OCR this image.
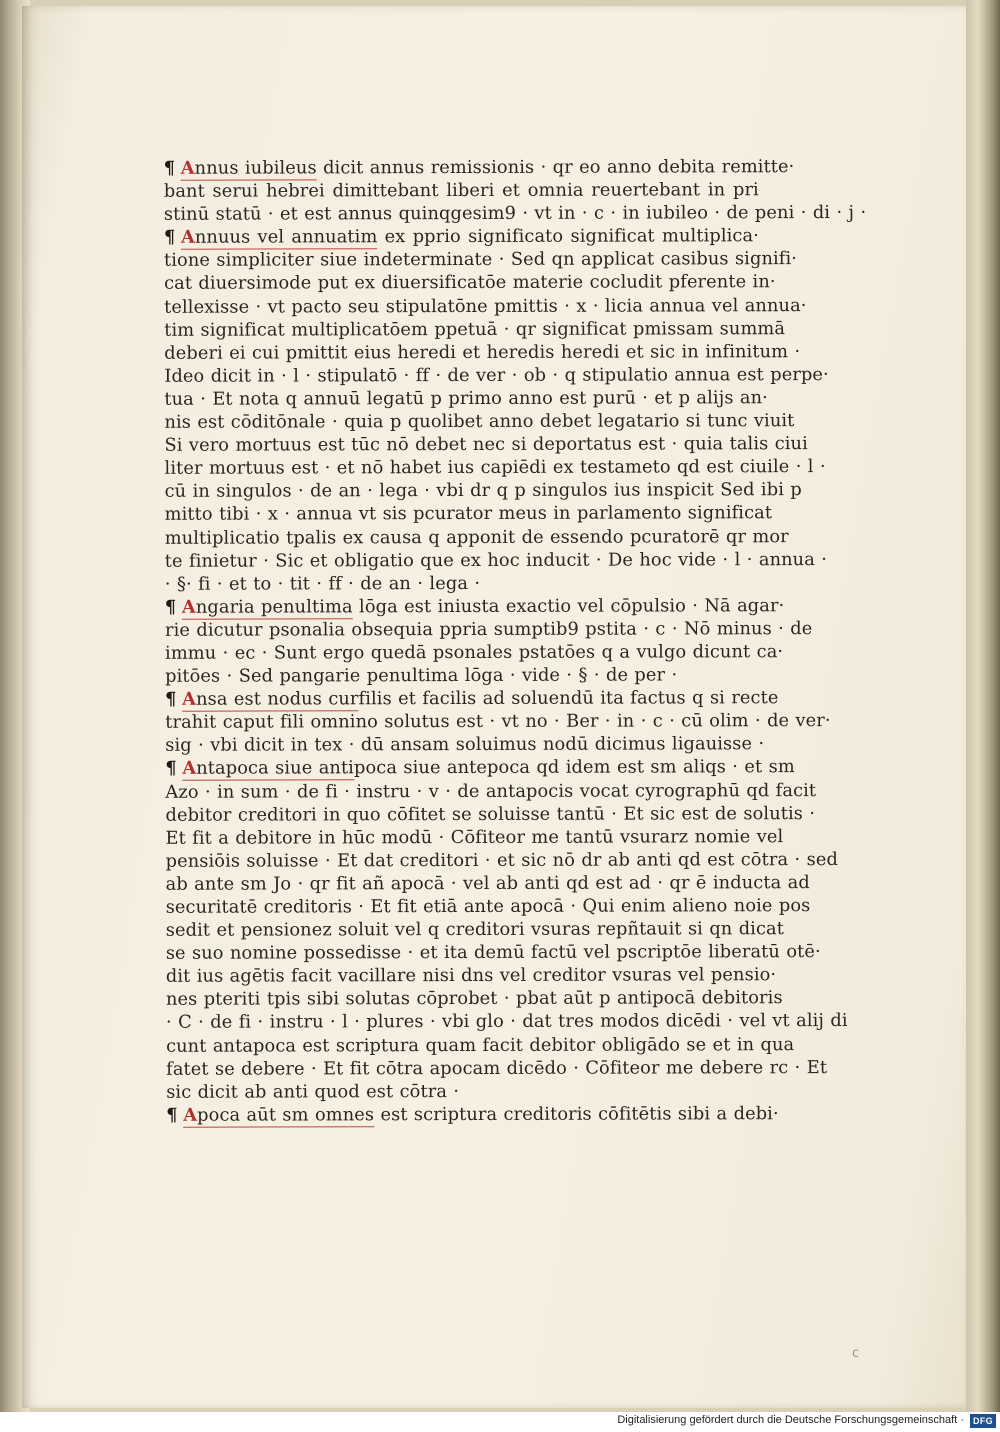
¶ Annus iubileus dicit annus remissionis · qr eo anno debita remitte·
bant serui hebrei dimittebant liberi et omnia reuertebant in pri
stinū statū · et est annus quinqgesim9 · vt in · c · in iubileo · de peni · di · j ·
¶ Annuus vel annuatim ex pprio significato significat multiplica·
tione simpliciter siue indeterminate · Sed qn applicat casibus signifi·
cat diuersimode put ex diuersificatōe materie cocludit pferente in·
tellexisse · vt pacto seu stipulatōne pmittis · x · licia annua vel annua·
tim significat multiplicatōem ppetuā · qr significat pmissam summā
deberi ei cui pmittit eius heredi et heredis heredi et sic in infinitum ·
Ideo dicit in · l · stipulatō · ff · de ver · ob · q stipulatio annua est perpe·
tua · Et nota q annuū legatū p primo anno est purū · et p alijs an·
nis est cōditōnale · quia p quolibet anno debet legatario si tunc viuit
Si vero mortuus est tūc nō debet nec si deportatus est · quia talis ciui
liter mortuus est · et nō habet ius capiēdi ex testameto qd est ciuile · l ·
cū in singulos · de an · lega · vbi dr q p singulos ius inspicit Sed ibi p
mitto tibi · x · annua vt sis pcurator meus in parlamento significat
multiplicatio tpalis ex causa q apponit de essendo pcuratorē qr mor
te finietur · Sic et obligatio que ex hoc inducit · De hoc vide · l · annua ·
· §· fi · et to · tit · ff · de an · lega ·
¶ Angaria penultima lōga est iniusta exactio vel cōpulsio · Nā agar·
rie dicutur psonalia obsequia ppria sumptib9 pstita · c · Nō minus · de
immu · ec · Sunt ergo quedā psonales pstatōes q a vulgo dicunt ca·
pitōes · Sed pangarie penultima lōga · vide · § · de per ·
¶ Ansa est nodus curfilis et facilis ad soluendū ita factus q si recte
trahit caput fili omnino solutus est · vt no · Ber · in · c · cū olim · de ver·
sig · vbi dicit in tex · dū ansam soluimus nodū dicimus ligauisse ·
¶ Antapoca siue antipoca siue antepoca qd idem est sm aliqs · et sm
Azo · in sum · de fi · instru · v · de antapocis vocat cyrographū qd facit
debitor creditori in quo cōfitet se soluisse tantū · Et sic est de solutis ·
Et fit a debitore in hūc modū · Cōfiteor me tantū vsurarz nomie vel
pensiōis soluisse · Et dat creditori · et sic nō dr ab anti qd est cōtra · sed
ab ante sm Jo · qr fit añ apocā · vel ab anti qd est ad · qr ē inducta ad
securitatē creditoris · Et fit etiā ante apocā · Qui enim alieno noie pos
sedit et pensionez soluit vel q creditori vsuras repñtauit si qn dicat
se suo nomine possedisse · et ita demū factū vel pscriptōe liberatū otē·
dit ius agētis facit vacillare nisi dns vel creditor vsuras vel pensio·
nes pteriti tpis sibi solutas cōprobet · pbat aūt p antipocā debitoris
· C · de fi · instru · l · plures · vbi glo · dat tres modos dicēdi · vel vt alij di
cunt antapoca est scriptura quam facit debitor obligādo se et in qua
fatet se debere · Et fit cōtra apocam dicēdo · Cōfiteor me debere rc · Et
sic dicit ab anti quod est cōtra ·
¶ Apoca aūt sm omnes est scriptura creditoris cōfitētis sibi a debi·
c
Digitalisierung gefördert durch die Deutsche Forschungsgemeinschaft ·	DFG
